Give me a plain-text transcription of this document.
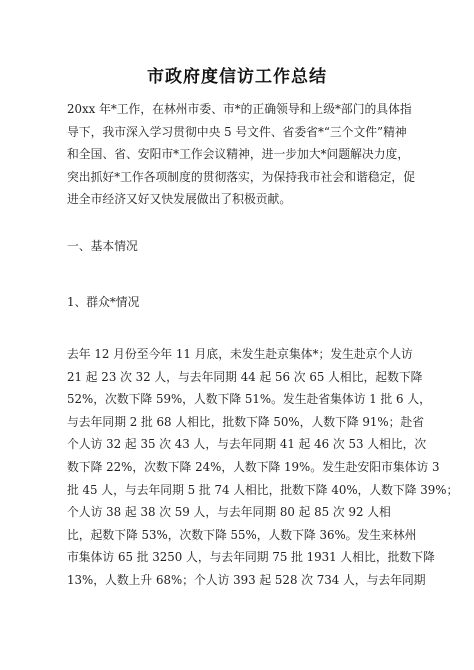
市政府度信访工作总结

20xx 年*工作，在林州市委、市*的正确领导和上级*部门的具体指
导下，我市深入学习贯彻中央 5 号文件、省委省*“三个文件”精神
和全国、省、安阳市*工作会议精神，进一步加大*问题解决力度，
突出抓好*工作各项制度的贯彻落实，为保持我市社会和谐稳定，促
进全市经济又好又快发展做出了积极贡献。

一、基本情况
1、群众*情况

去年 12 月份至今年 11 月底，未发生赴京集体*；发生赴京个人访
21 起 23 次 32 人，与去年同期 44 起 56 次 65 人相比，起数下降
52%，次数下降 59%，人数下降 51%。发生赴省集体访 1 批 6 人，
与去年同期 2 批 68 人相比，批数下降 50%，人数下降 91%；赴省
个人访 32 起 35 次 43 人，与去年同期 41 起 46 次 53 人相比，次
数下降 22%，次数下降 24%，人数下降 19%。发生赴安阳市集体访 3
批 45 人，与去年同期 5 批 74 人相比，批数下降 40%，人数下降 39%；
个人访 38 起 38 次 59 人，与去年同期 80 起 85 次 92 人相
比，起数下降 53%，次数下降 55%，人数下降 36%。发生来林州
市集体访 65 批 3250 人，与去年同期 75 批 1931 人相比，批数下降
13%，人数上升 68%；个人访 393 起 528 次 734 人，与去年同期
